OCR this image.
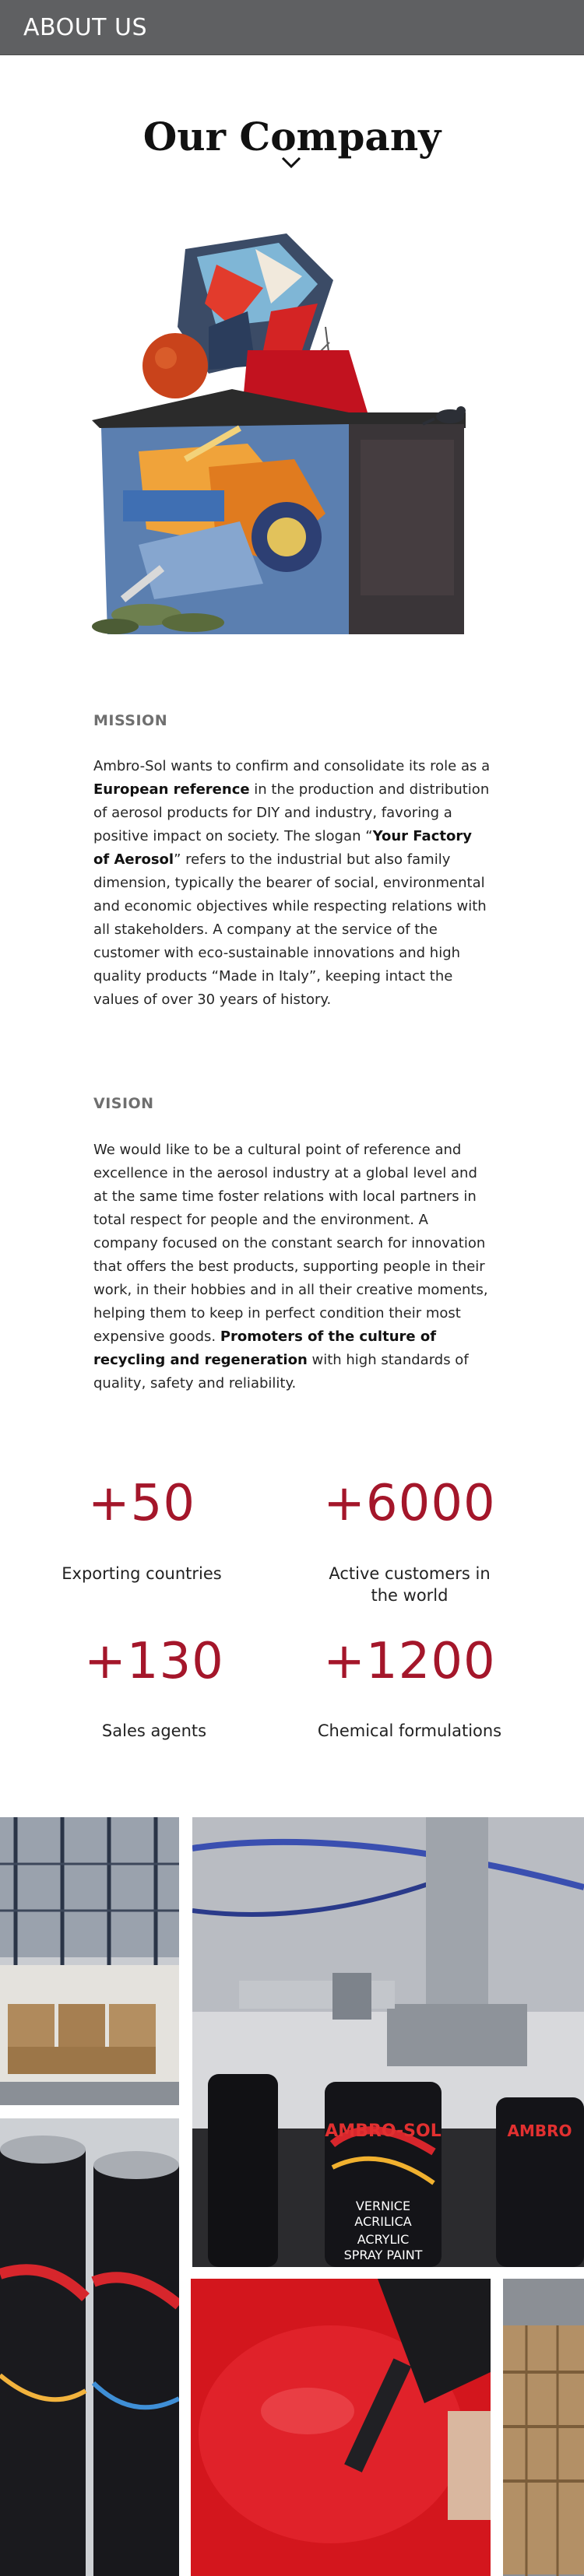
ABOUT US
Our Company
MISSION

Ambro-Sol wants to confirm and consolidate its role as a European reference in the production and distribution of aerosol products for DIY and industry, favoring a positive impact on society. The slogan “Your Factory of Aerosol” refers to the industrial but also family dimension, typically the bearer of social, environmental and economic objectives while respecting relations with all stakeholders. A company at the service of the customer with eco-sustainable innovations and high quality products “Made in Italy”, keeping intact the values of over 30 years of history.

VISION

We would like to be a cultural point of reference and excellence in the aerosol industry at a global level and at the same time foster relations with local partners in total respect for people and the environment. A company focused on the constant search for innovation that offers the best products, supporting people in their work, in their hobbies and in all their creative moments, helping them to keep in perfect condition their most expensive goods. Promoters of the culture of recycling and regeneration with high standards of quality, safety and reliability.

+50
Exporting countries
+6000
Active customers in the world
+130
Sales agents
+1200
Chemical formulations
AMBRO-SOL
VERNICE
ACRILICA
ACRYLIC
SPRAY PAINT
AMBRO
